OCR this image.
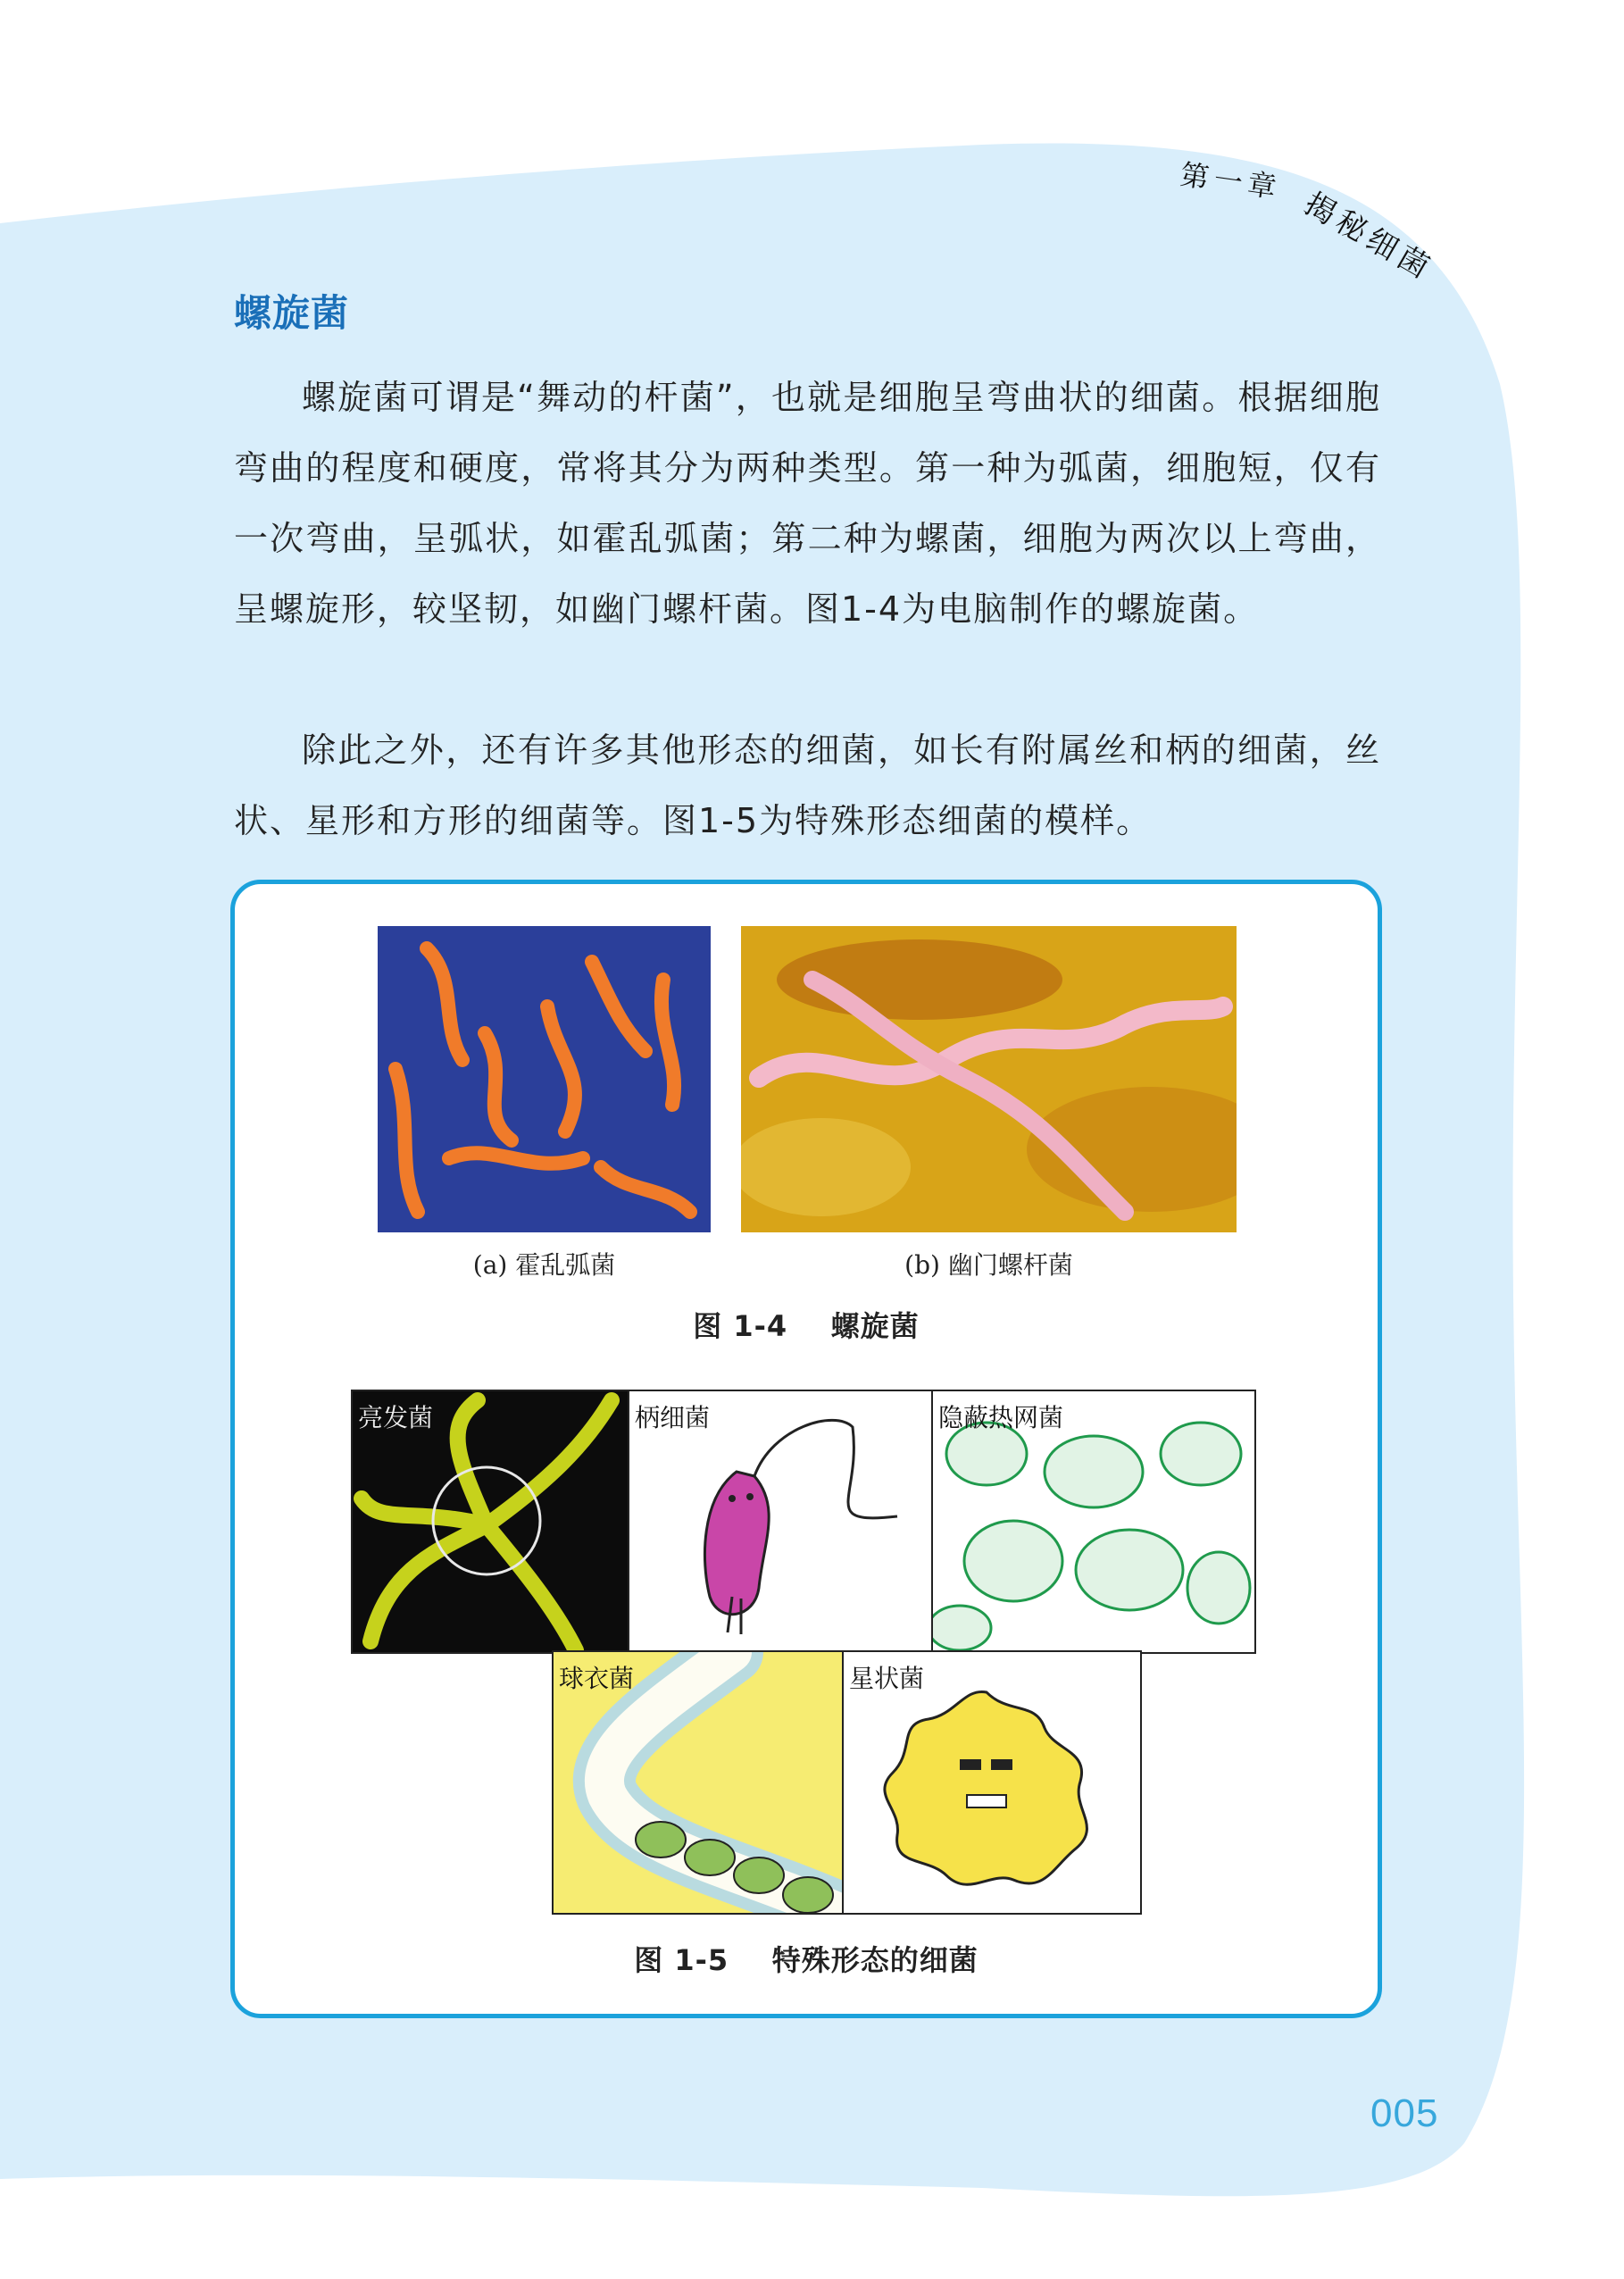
第一章
揭秘细菌
螺旋菌

螺旋菌可谓是“舞动的杆菌”，也就是细胞呈弯曲状的细菌。根据细胞弯曲的程度和硬度，常将其分为两种类型。第一种为弧菌，细胞短，仅有一次弯曲，呈弧状，如霍乱弧菌；第二种为螺菌，细胞为两次以上弯曲，呈螺旋形，较坚韧，如幽门螺杆菌。图1-4为电脑制作的螺旋菌。

除此之外，还有许多其他形态的细菌，如长有附属丝和柄的细菌，丝状、星形和方形的细菌等。图1-5为特殊形态细菌的模样。

(a) 霍乱弧菌	(b) 幽门螺杆菌
图 1-4    螺旋菌
亮发菌	柄细菌	隐蔽热网菌
球衣菌	星状菌
图 1-5    特殊形态的细菌
005
